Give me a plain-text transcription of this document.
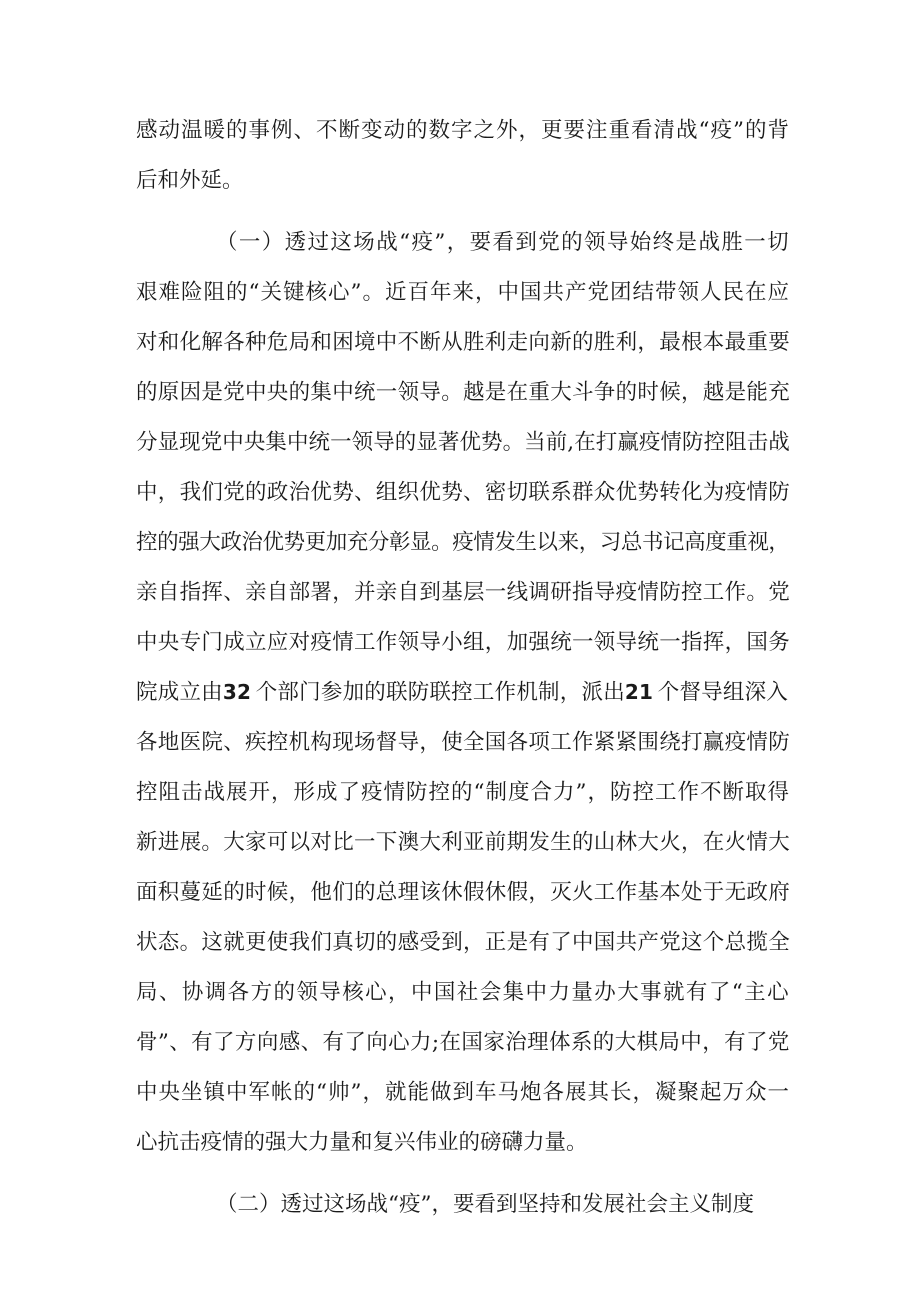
感动温暖的事例、不断变动的数字之外，更要注重看清战“疫”的背
后和外延。
（一）透过这场战“疫”，要看到党的领导始终是战胜一切
艰难险阻的“关键核心”。近百年来，中国共产党团结带领人民在应
对和化解各种危局和困境中不断从胜利走向新的胜利，最根本最重要
的原因是党中央的集中统一领导。越是在重大斗争的时候，越是能充
分显现党中央集中统一领导的显著优势。当前,在打赢疫情防控阻击战
中，我们党的政治优势、组织优势、密切联系群众优势转化为疫情防
控的强大政治优势更加充分彰显。疫情发生以来，习总书记高度重视，
亲自指挥、亲自部署，并亲自到基层一线调研指导疫情防控工作。党
中央专门成立应对疫情工作领导小组，加强统一领导统一指挥，国务
院成立由32  个部门参加的联防联控工作机制，派出21  个督导组深入
各地医院、疾控机构现场督导，使全国各项工作紧紧围绕打赢疫情防
控阻击战展开，形成了疫情防控的“制度合力”，防控工作不断取得
新进展。大家可以对比一下澳大利亚前期发生的山林大火，在火情大
面积蔓延的时候，他们的总理该休假休假，灭火工作基本处于无政府
状态。这就更使我们真切的感受到，正是有了中国共产党这个总揽全
局、协调各方的领导核心，中国社会集中力量办大事就有了“主心
骨”、有了方向感、有了向心力;在国家治理体系的大棋局中，有了党
中央坐镇中军帐的“帅”，就能做到车马炮各展其长，凝聚起万众一
心抗击疫情的强大力量和复兴伟业的磅礴力量。
（二）透过这场战“疫”，要看到坚持和发展社会主义制度
